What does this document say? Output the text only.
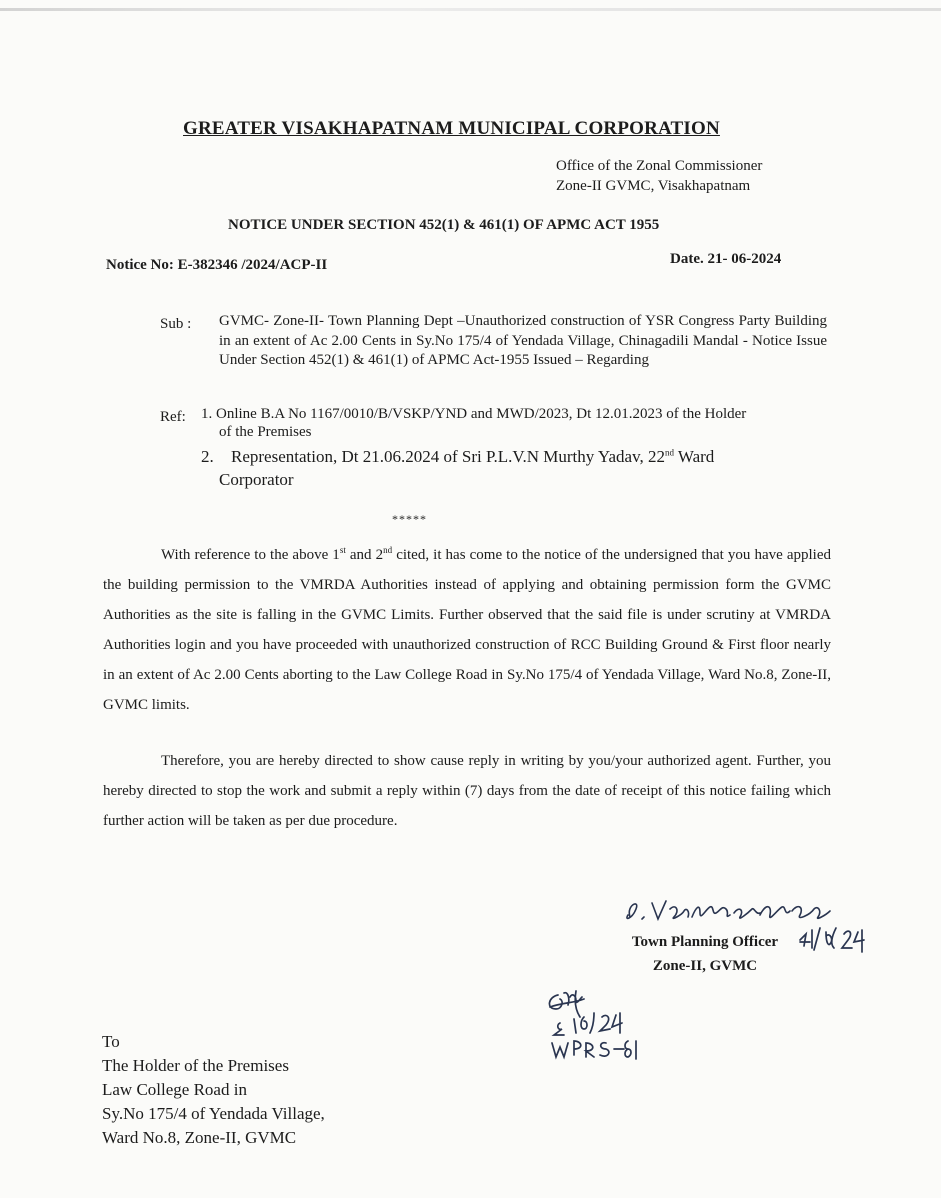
GREATER VISAKHAPATNAM MUNICIPAL CORPORATION
Office of the Zonal Commissioner
Zone-II GVMC, Visakhapatnam
NOTICE UNDER SECTION 452(1) & 461(1) OF APMC ACT 1955
Notice No: E-382346 /2024/ACP-II	Date. 21- 06-2024
Sub : GVMC- Zone-II- Town Planning Dept –Unauthorized construction of YSR Congress Party Building in an extent of Ac 2.00 Cents in Sy.No 175/4 of Yendada Village, Chinagadili Mandal - Notice Issue Under Section 452(1) & 461(1) of APMC Act-1955 Issued – Regarding
Ref: 1. Online B.A No 1167/0010/B/VSKP/YND and MWD/2023, Dt 12.01.2023 of the Holder
of the Premises
2. Representation, Dt 21.06.2024 of Sri P.L.V.N Murthy Yadav, 22nd Ward
Corporator
*****
With reference to the above 1st and 2nd cited, it has come to the notice of the undersigned that you have applied the building permission to the VMRDA Authorities instead of applying and obtaining permission form the GVMC Authorities as the site is falling in the GVMC Limits. Further observed that the said file is under scrutiny at VMRDA Authorities login and you have proceeded with unauthorized construction of RCC Building Ground & First floor nearly in an extent of Ac 2.00 Cents aborting to the Law College Road in Sy.No 175/4 of Yendada Village, Ward No.8, Zone-II, GVMC limits.
Therefore, you are hereby directed to show cause reply in writing by you/your authorized agent. Further, you hereby directed to stop the work and submit a reply within (7) days from the date of receipt of this notice failing which further action will be taken as per due procedure.
Town Planning Officer
Zone-II, GVMC
To
The Holder of the Premises
Law College Road in
Sy.No 175/4 of Yendada Village,
Ward No.8, Zone-II, GVMC
